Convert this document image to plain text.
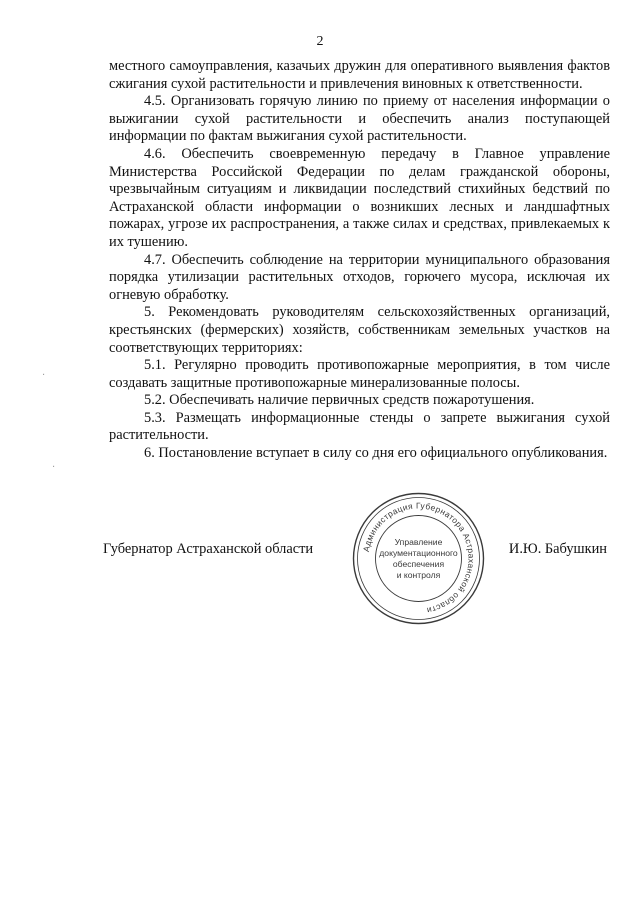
2

местного самоуправления, казачьих дружин для оперативного выявления фактов сжигания сухой растительности и привлечения виновных к ответственности.

4.5. Организовать горячую линию по приему от населения информации о выжигании сухой растительности и обеспечить анализ поступающей информации по фактам выжигания сухой растительности.

4.6. Обеспечить своевременную передачу в Главное управление Министерства Российской Федерации по делам гражданской обороны, чрезвычайным ситуациям и ликвидации последствий стихийных бедствий по Астраханской области информации о возникших лесных и ландшафтных пожарах, угрозе их распространения, а также силах и средствах, привлекаемых к их тушению.

4.7. Обеспечить соблюдение на территории муниципального образования порядка утилизации растительных отходов, горючего мусора, исключая их огневую обработку.

5. Рекомендовать руководителям сельскохозяйственных организаций, крестьянских (фермерских) хозяйств, собственникам земельных участков на соответствующих территориях:

5.1. Регулярно проводить противопожарные мероприятия, в том числе создавать защитные противопожарные минерализованные полосы.

5.2. Обеспечивать наличие первичных средств пожаротушения.

5.3. Размещать информационные стенды о запрете выжигания сухой растительности.

6. Постановление вступает в силу со дня его официального опубликования.

Губернатор Астраханской области	И.Ю. Бабушкин
Администрация Губернатора Астраханской области
Управление
документационного
обеспечения
и контроля
·
·
